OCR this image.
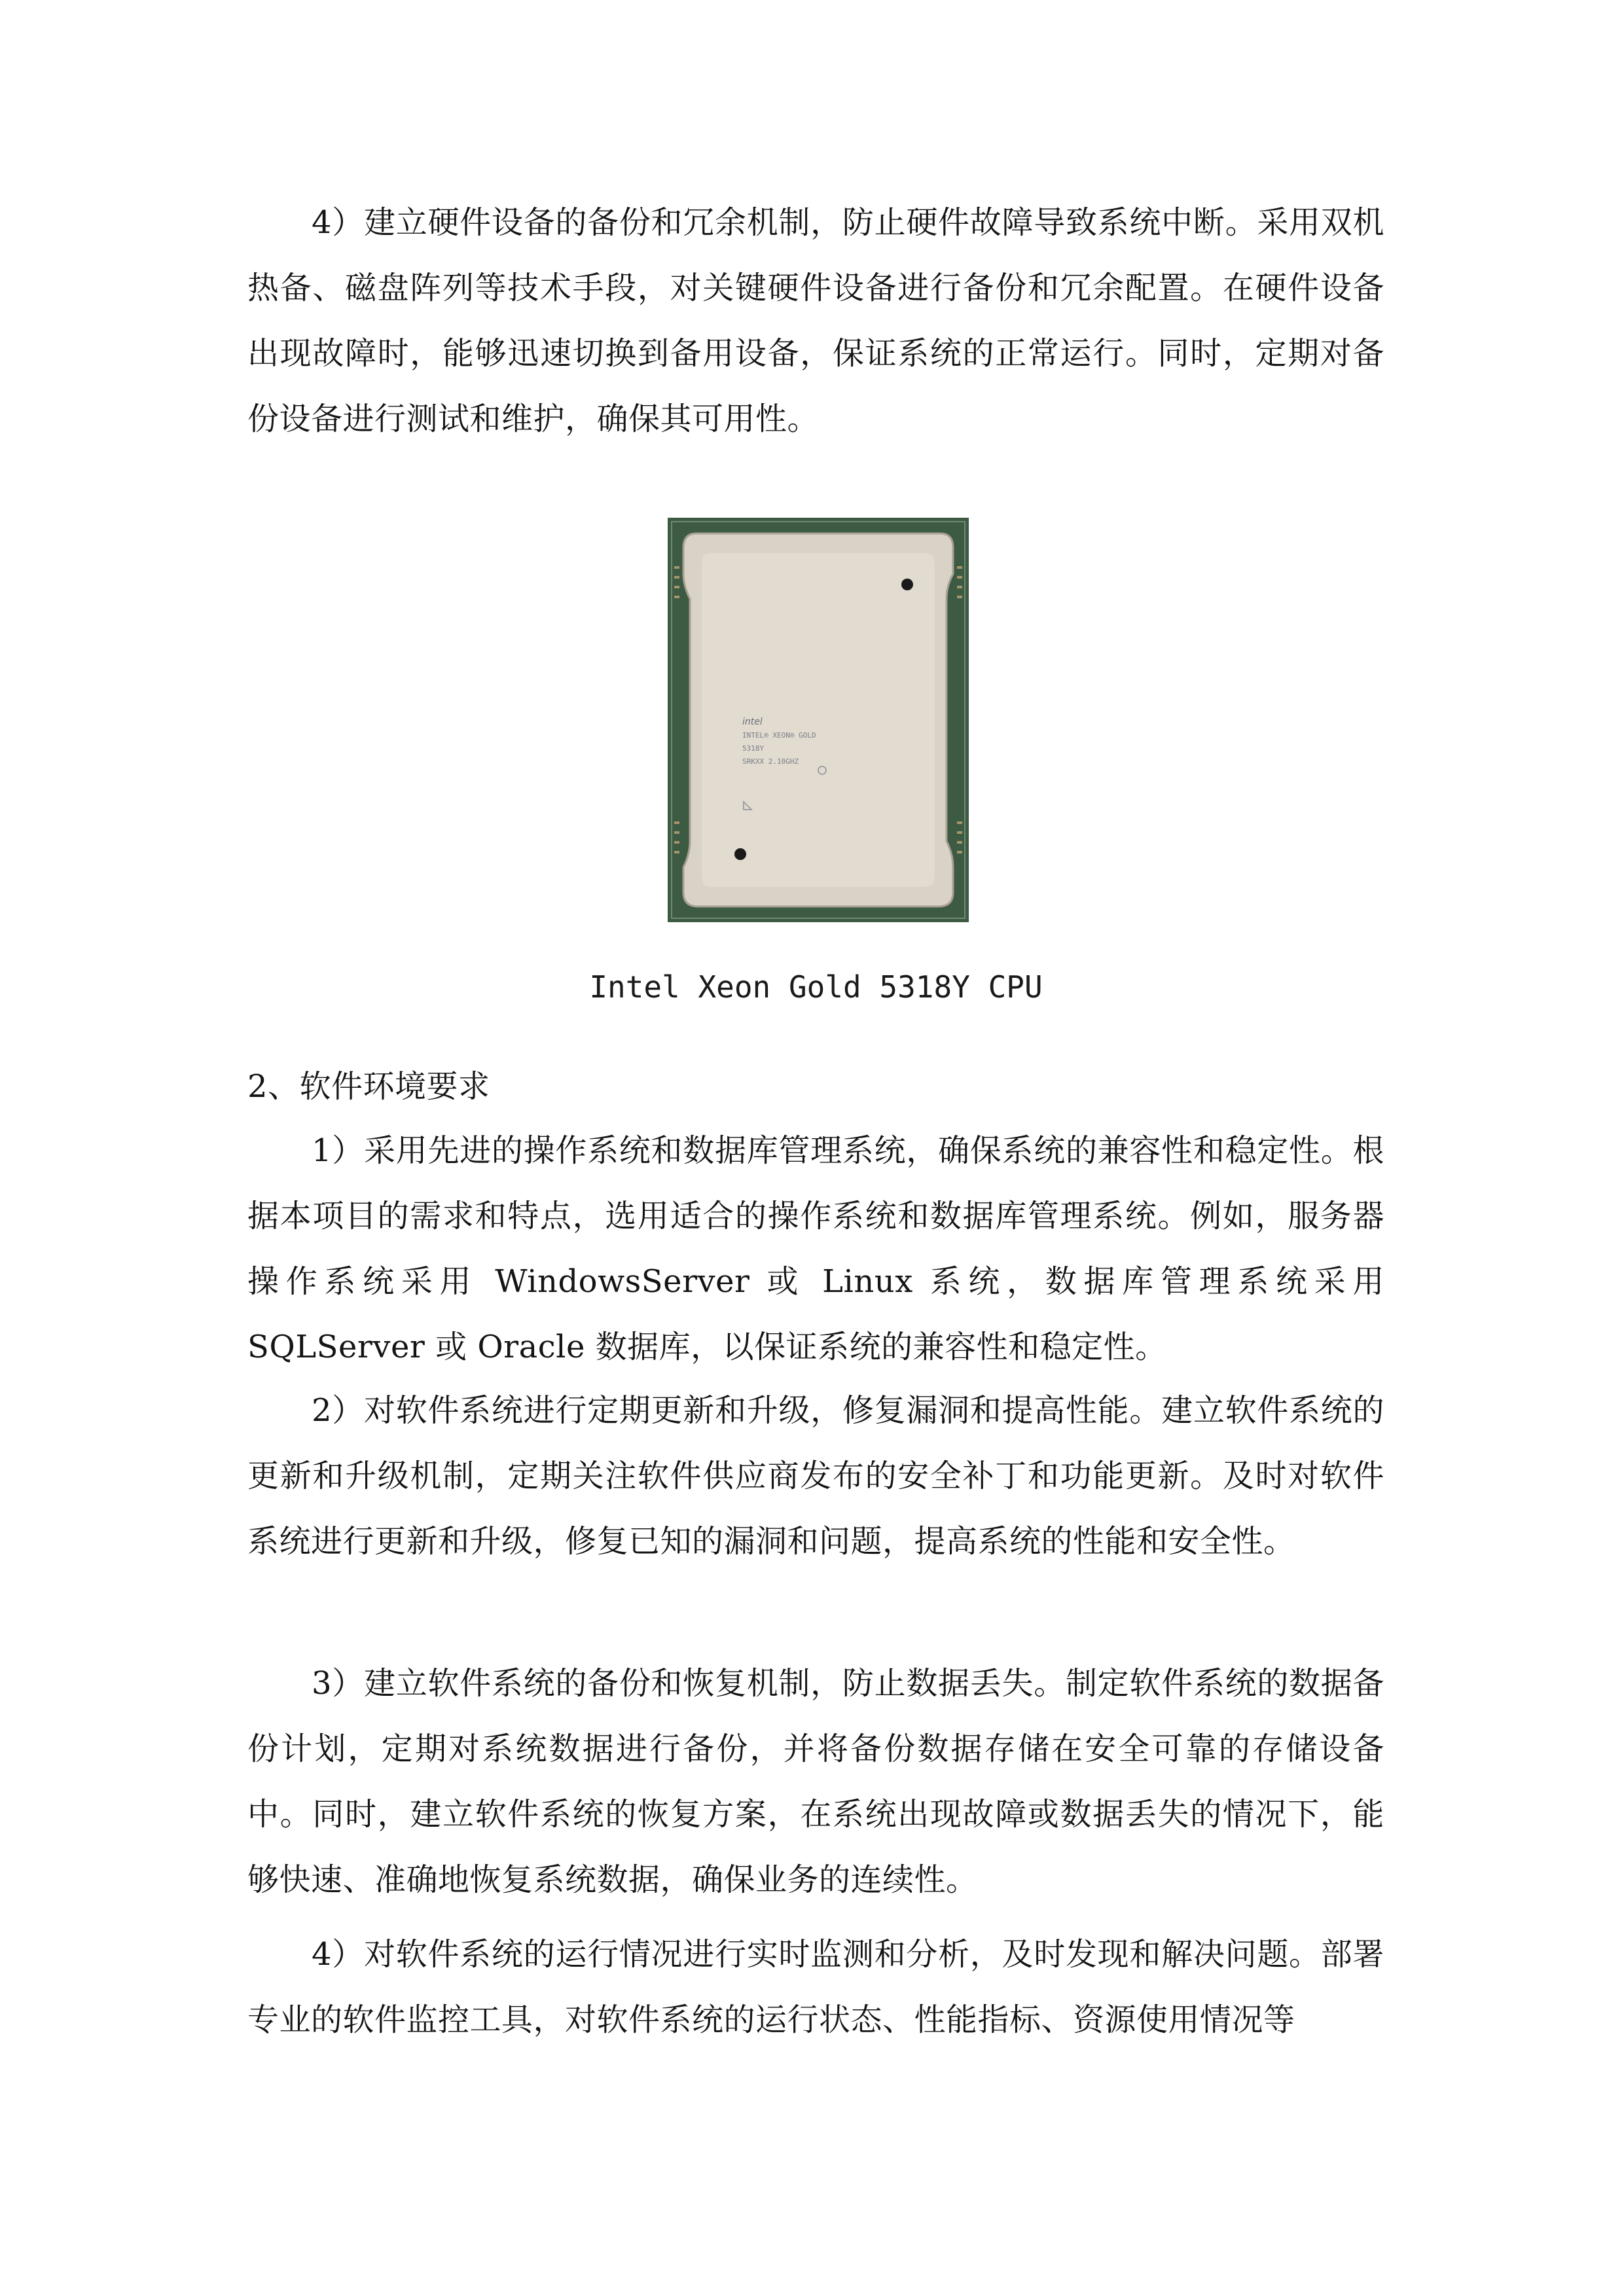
4）建立硬件设备的备份和冗余机制，防止硬件故障导致系统中断。采用双机热备、磁盘阵列等技术手段，对关键硬件设备进行备份和冗余配置。在硬件设备出现故障时，能够迅速切换到备用设备，保证系统的正常运行。同时，定期对备份设备进行测试和维护，确保其可用性。

intel
INTEL® XEON® GOLD
5318Y
SRKXX 2.10GHZ
Intel Xeon Gold 5318Y CPU

2、软件环境要求

1）采用先进的操作系统和数据库管理系统，确保系统的兼容性和稳定性。根据本项目的需求和特点，选用适合的操作系统和数据库管理系统。例如，服务器操作系统采用 WindowsServer 或 Linux 系统，数据库管理系统采用 SQLServer 或 Oracle 数据库，以保证系统的兼容性和稳定性。

2）对软件系统进行定期更新和升级，修复漏洞和提高性能。建立软件系统的更新和升级机制，定期关注软件供应商发布的安全补丁和功能更新。及时对软件系统进行更新和升级，修复已知的漏洞和问题，提高系统的性能和安全性。

3）建立软件系统的备份和恢复机制，防止数据丢失。制定软件系统的数据备份计划，定期对系统数据进行备份，并将备份数据存储在安全可靠的存储设备中。同时，建立软件系统的恢复方案，在系统出现故障或数据丢失的情况下，能够快速、准确地恢复系统数据，确保业务的连续性。

4）对软件系统的运行情况进行实时监测和分析，及时发现和解决问题。部署专业的软件监控工具，对软件系统的运行状态、性能指标、资源使用情况等
